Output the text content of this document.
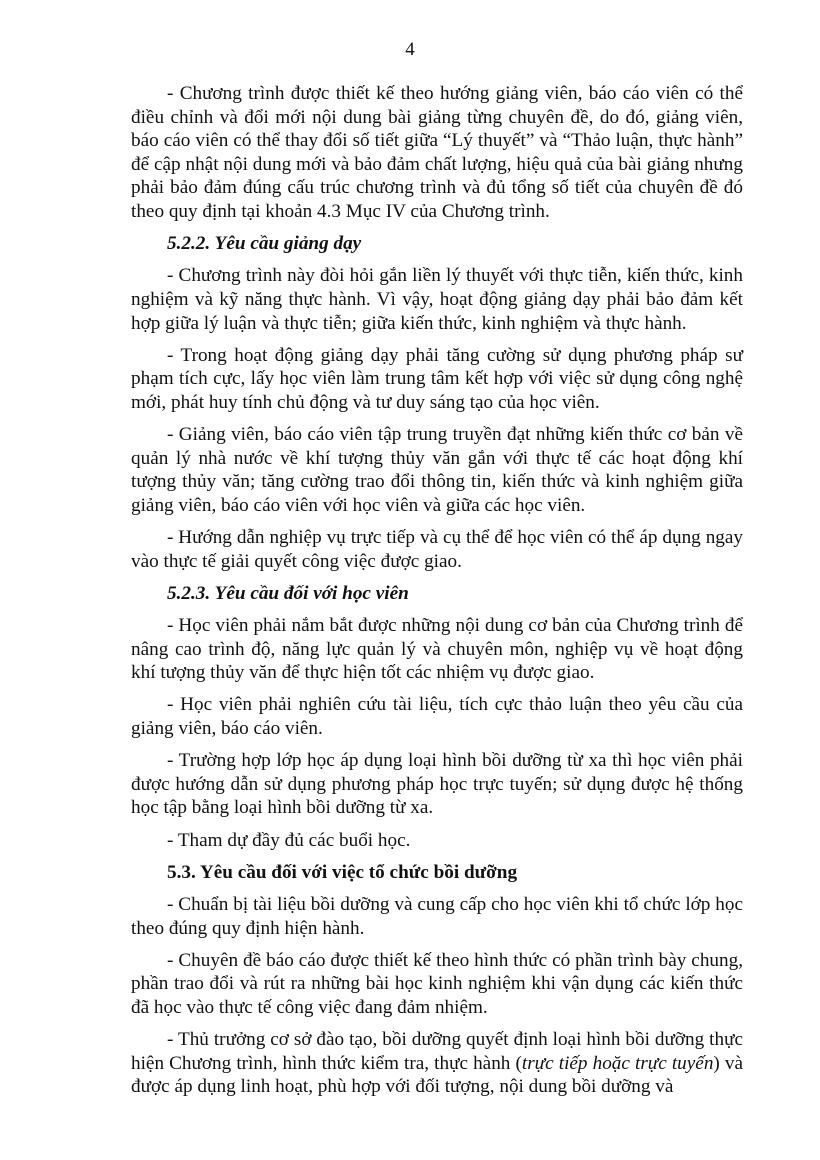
4

- Chương trình được thiết kế theo hướng giảng viên, báo cáo viên có thể điều chỉnh và đổi mới nội dung bài giảng từng chuyên đề, do đó, giảng viên, báo cáo viên có thể thay đổi số tiết giữa “Lý thuyết” và “Thảo luận, thực hành” để cập nhật nội dung mới và bảo đảm chất lượng, hiệu quả của bài giảng nhưng phải bảo đảm đúng cấu trúc chương trình và đủ tổng số tiết của chuyên đề đó theo quy định tại khoản 4.3 Mục IV của Chương trình.

5.2.2. Yêu cầu giảng dạy

- Chương trình này đòi hỏi gắn liền lý thuyết với thực tiễn, kiến thức, kinh nghiệm và kỹ năng thực hành. Vì vậy, hoạt động giảng dạy phải bảo đảm kết hợp giữa lý luận và thực tiễn; giữa kiến thức, kinh nghiệm và thực hành.

- Trong hoạt động giảng dạy phải tăng cường sử dụng phương pháp sư phạm tích cực, lấy học viên làm trung tâm kết hợp với việc sử dụng công nghệ mới, phát huy tính chủ động và tư duy sáng tạo của học viên.

- Giảng viên, báo cáo viên tập trung truyền đạt những kiến thức cơ bản về quản lý nhà nước về khí tượng thủy văn gắn với thực tế các hoạt động khí tượng thủy văn; tăng cường trao đổi thông tin, kiến thức và kinh nghiệm giữa giảng viên, báo cáo viên với học viên và giữa các học viên.

- Hướng dẫn nghiệp vụ trực tiếp và cụ thể để học viên có thể áp dụng ngay vào thực tế giải quyết công việc được giao.

5.2.3. Yêu cầu đối với học viên

- Học viên phải nắm bắt được những nội dung cơ bản của Chương trình để nâng cao trình độ, năng lực quản lý và chuyên môn, nghiệp vụ về hoạt động khí tượng thủy văn để thực hiện tốt các nhiệm vụ được giao.

- Học viên phải nghiên cứu tài liệu, tích cực thảo luận theo yêu cầu của giảng viên, báo cáo viên.

- Trường hợp lớp học áp dụng loại hình bồi dưỡng từ xa thì học viên phải được hướng dẫn sử dụng phương pháp học trực tuyến; sử dụng được hệ thống học tập bằng loại hình bồi dưỡng từ xa.

- Tham dự đầy đủ các buổi học.

5.3. Yêu cầu đối với việc tổ chức bồi dưỡng

- Chuẩn bị tài liệu bồi dưỡng và cung cấp cho học viên khi tổ chức lớp học theo đúng quy định hiện hành.

- Chuyên đề báo cáo được thiết kế theo hình thức có phần trình bày chung, phần trao đổi và rút ra những bài học kinh nghiệm khi vận dụng các kiến thức đã học vào thực tế công việc đang đảm nhiệm.

- Thủ trưởng cơ sở đào tạo, bồi dưỡng quyết định loại hình bồi dưỡng thực hiện Chương trình, hình thức kiểm tra, thực hành (trực tiếp hoặc trực tuyến) và được áp dụng linh hoạt, phù hợp với đối tượng, nội dung bồi dưỡng và
